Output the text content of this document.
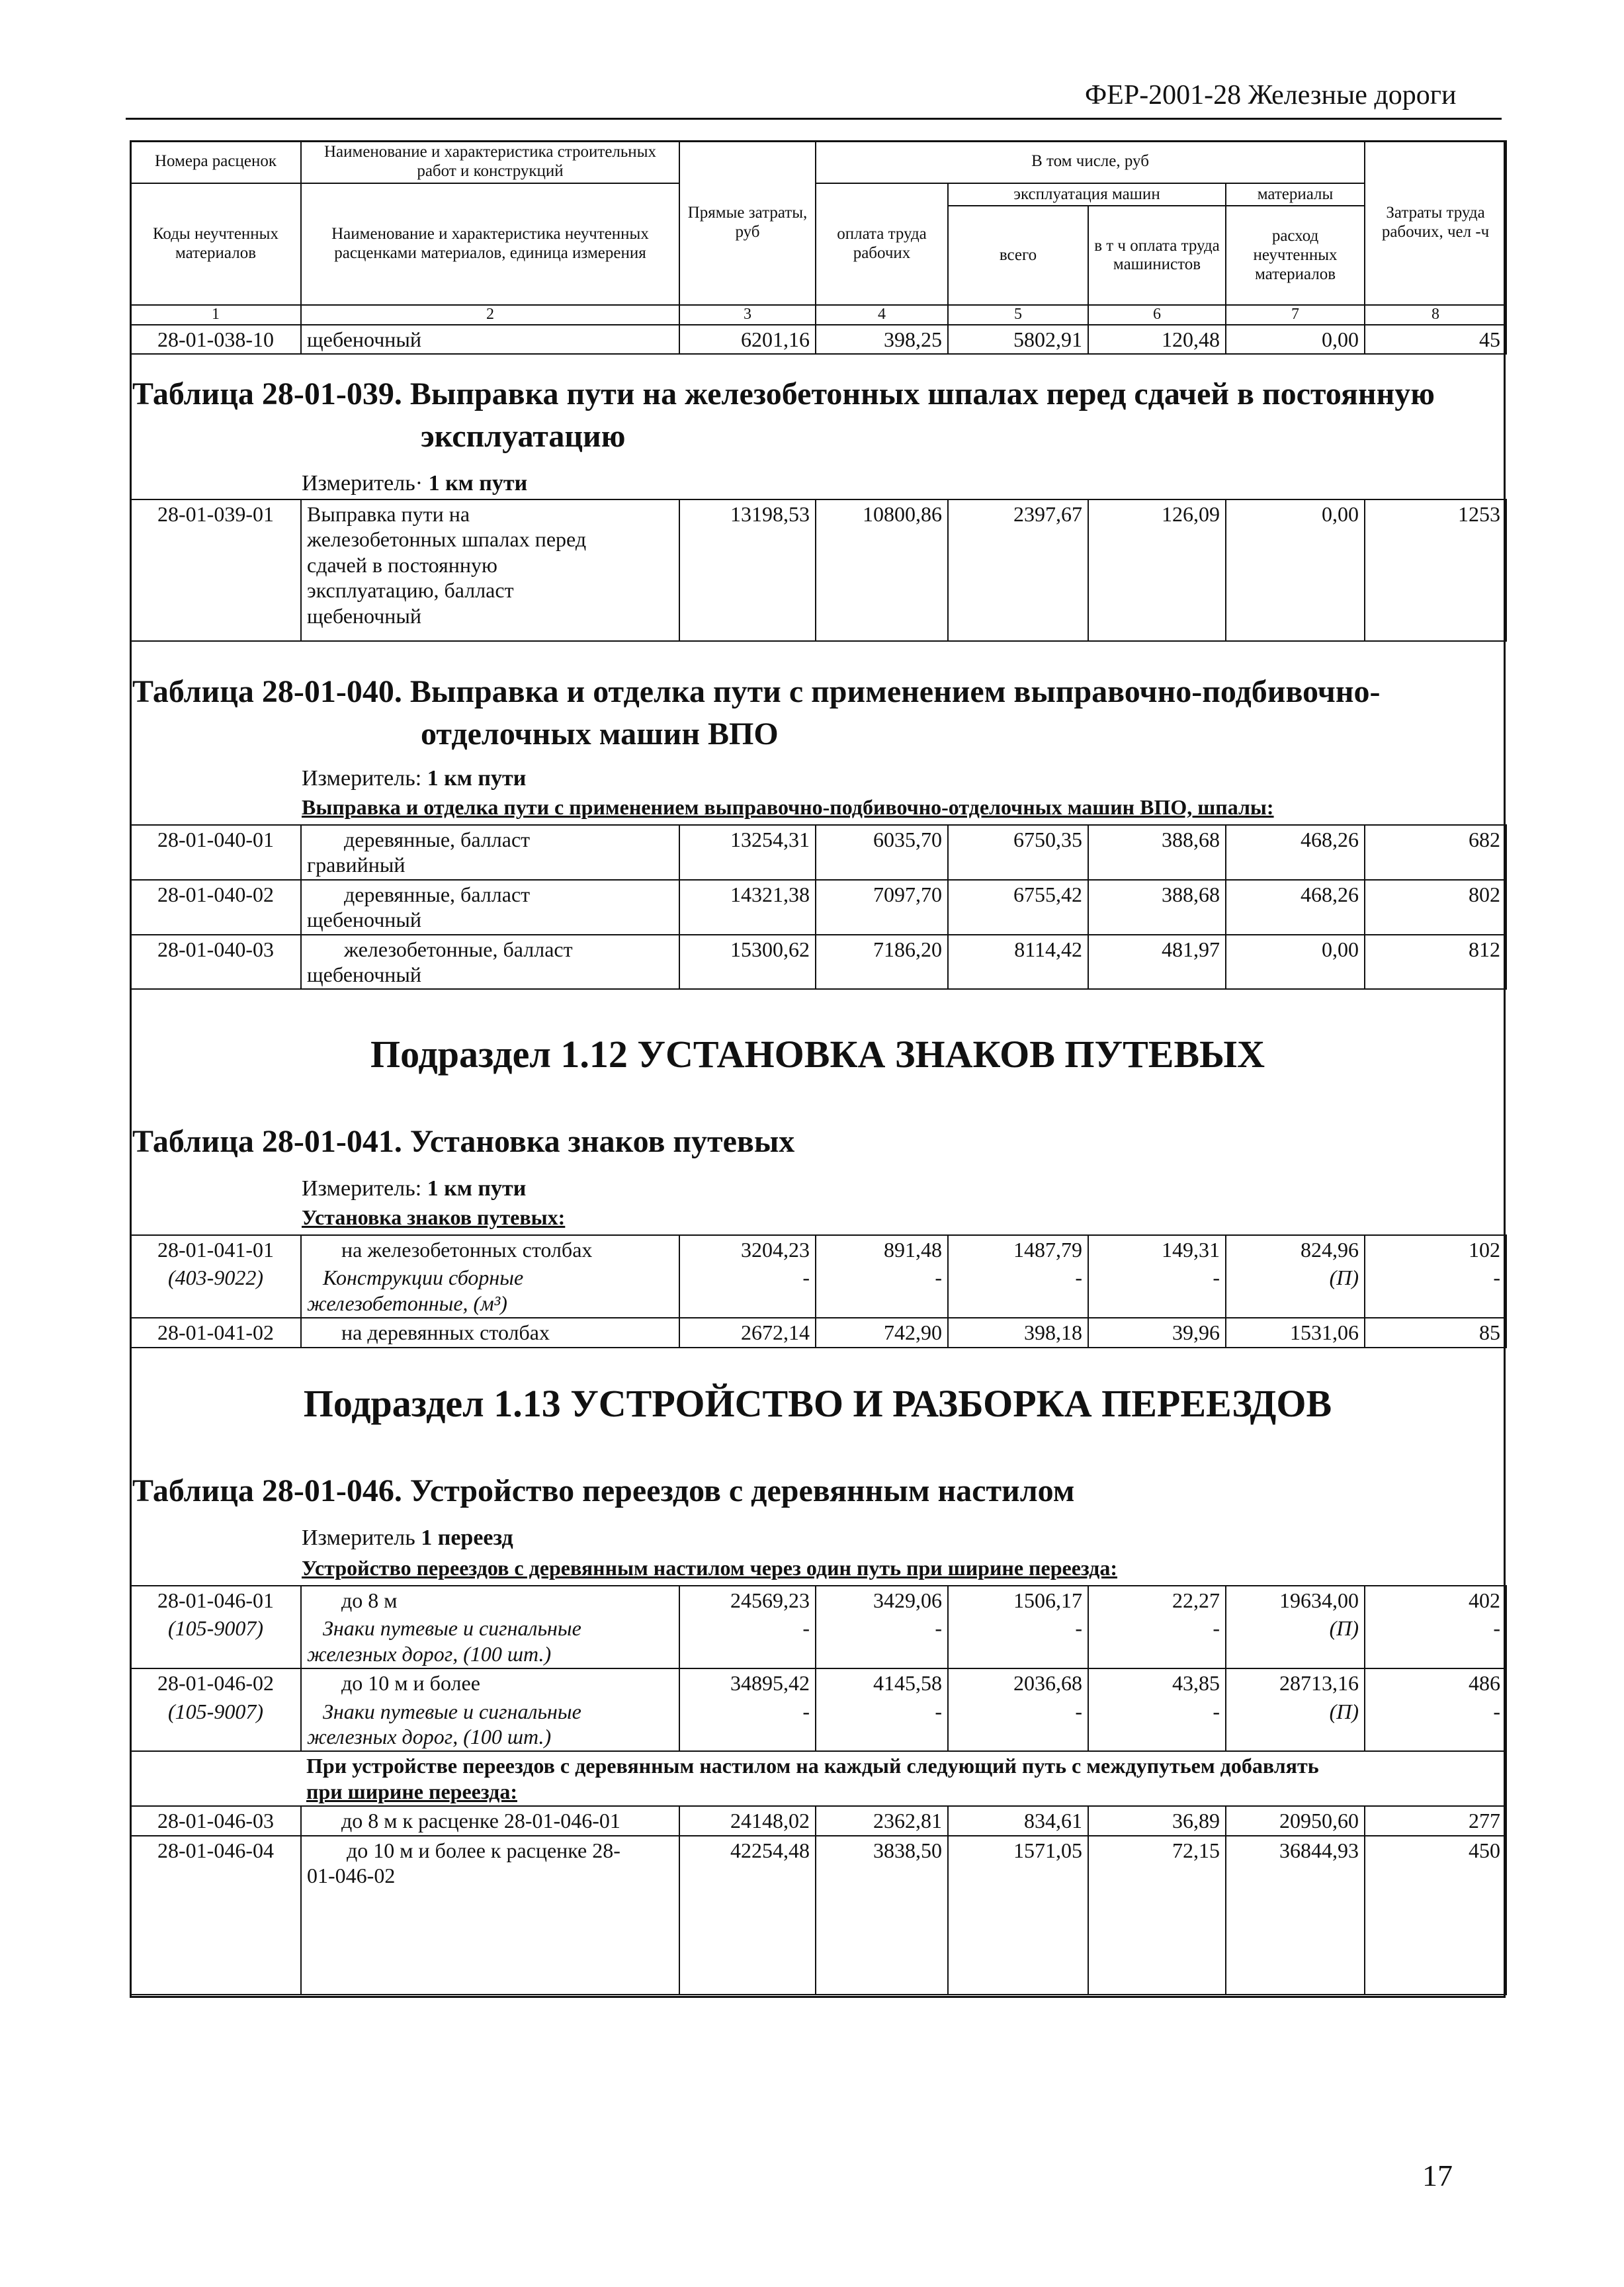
ФЕР-2001-28 Железные дороги
Номера расценок	Наименование и характеристика строительных работ и конструкций	Прямые затраты, руб	В том числе, руб				Затраты труда рабочих, чел -ч
Коды неучтенных материалов	Наименование и характеристика неучтенных расценками материалов, единица измерения		оплата труда рабочих	эксплуатация машин		материалы	
				всего	в т ч оплата труда машинистов	расход неучтенных материалов	
1	2	3	4	5	6	7	8
28-01-038-10	щебеночный	6201,16	398,25	5802,91	120,48	0,00	45
Таблица 28-01-039. Выправка пути на железобетонных шпалах перед сдачей в постоянную
эксплуатацию
Измеритель· 1 км пути
28-01-039-01	Выправка пути на
железобетонных шпалах перед
сдачей в постоянную
эксплуатацию, балласт
щебеночный
	13198,53	10800,86	2397,67	126,09	0,00	1253
Таблица 28-01-040. Выправка и отделка пути с применением выправочно-подбивочно-
отделочных машин ВПО
Измеритель: 1 км пути
Выправка и отделка пути с применением выправочно-подбивочно-отделочных машин ВПО, шпалы:
28-01-040-01	деревянные, балласт
гравийный	13254,31	6035,70	6750,35	388,68	468,26	682
28-01-040-02	деревянные, балласт
щебеночный	14321,38	7097,70	6755,42	388,68	468,26	802
28-01-040-03	железобетонные, балласт
щебеночный	15300,62	7186,20	8114,42	481,97	0,00	812
Подраздел 1.12 УСТАНОВКА ЗНАКОВ ПУТЕВЫХ
Таблица 28-01-041. Установка знаков путевых
Измеритель: 1 км пути
Установка знаков путевых:
28-01-041-01	на железобетонных столбах	3204,23	891,48	1487,79	149,31	824,96	102
(403-9022)	Конструкции сборные
железобетонные, (м³)	-	-	-	-	(П)	-
28-01-041-02	на деревянных столбах	2672,14	742,90	398,18	39,96	1531,06	85
Подраздел 1.13 УСТРОЙСТВО И РАЗБОРКА ПЕРЕЕЗДОВ
Таблица 28-01-046. Устройство переездов с деревянным настилом
Измеритель 1 переезд
Устройство переездов с деревянным настилом через один путь при ширине переезда:
28-01-046-01	до 8 м	24569,23	3429,06	1506,17	22,27	19634,00	402
(105-9007)	Знаки путевые и сигнальные
железных дорог, (100 шт.)	-	-	-	-	(П)	-
28-01-046-02	до 10 м и более	34895,42	4145,58	2036,68	43,85	28713,16	486
(105-9007)	Знаки путевые и сигнальные
железных дорог, (100 шт.)	-	-	-	-	(П)	-

	При устройстве переездов с деревянным настилом на каждый следующий путь с междупутьем добавлять
при ширине переезда:						

28-01-046-03	до 8 м к расценке 28-01-046-01	24148,02	2362,81	834,61	36,89	20950,60	277
28-01-046-04	до 10 м и более к расценке 28-
01-046-02	42254,48	3838,50	1571,05	72,15	36844,93	450
17
